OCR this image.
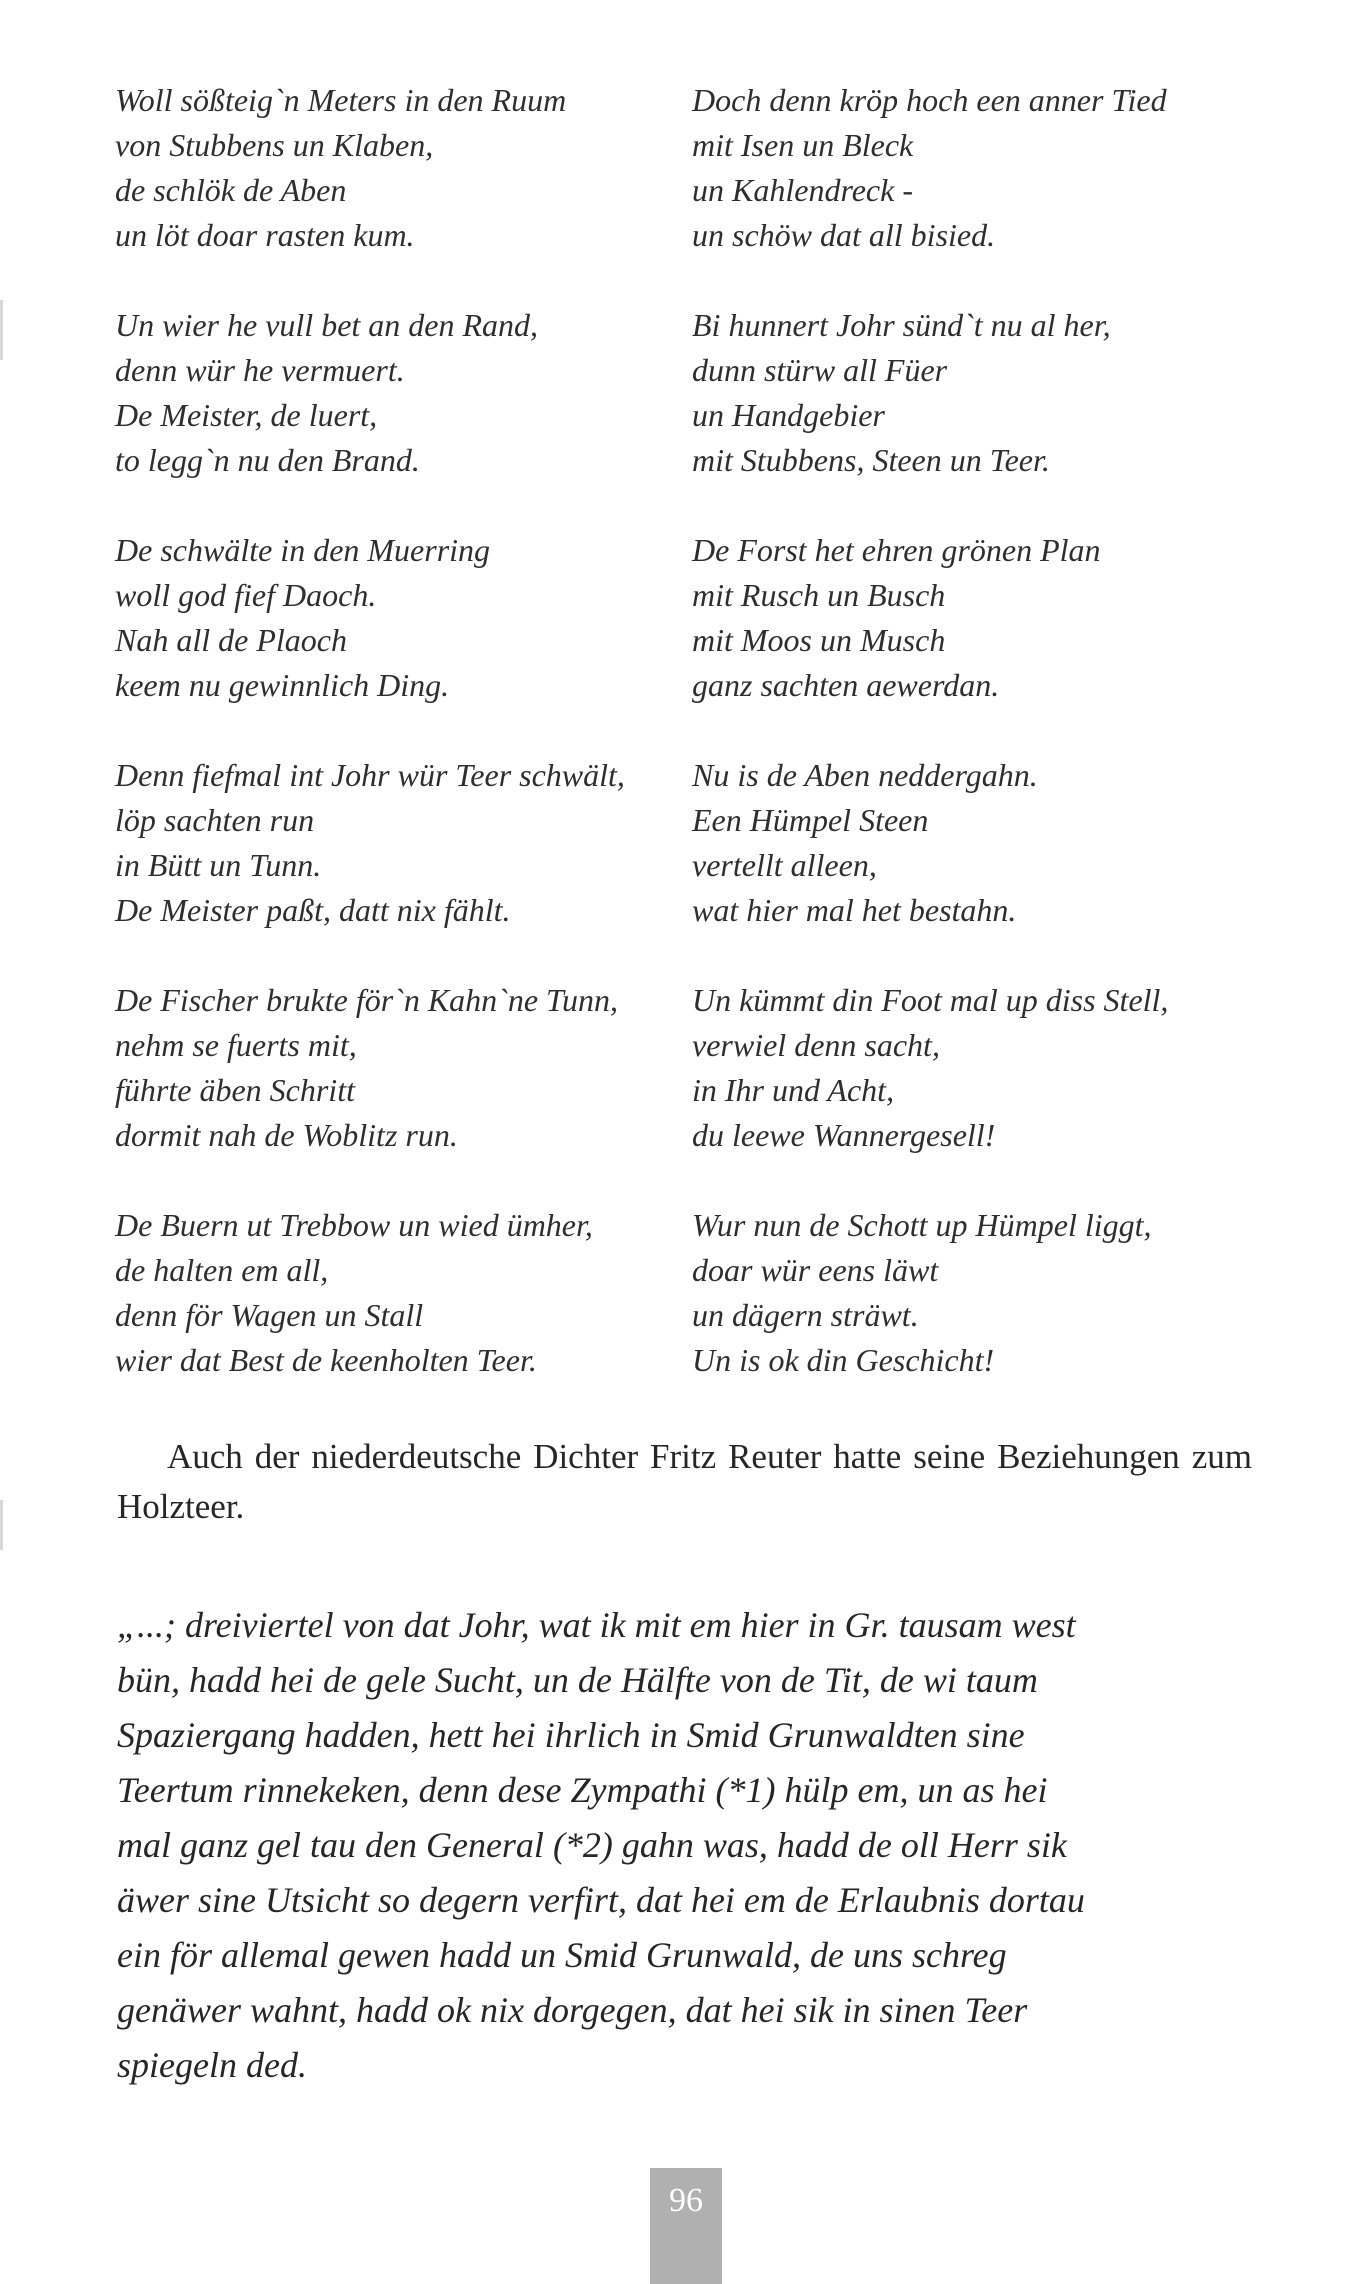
Woll sößteig`n Meters in den Ruum
von Stubbens un Klaben,
de schlök de Aben
un löt doar rasten kum.
Un wier he vull bet an den Rand,
denn wür he vermuert.
De Meister, de luert,
to legg`n nu den Brand.
De schwälte in den Muerring
woll god fief Daoch.
Nah all de Plaoch
keem nu gewinnlich Ding.
Denn fiefmal int Johr wür Teer schwält,
löp sachten run
in Bütt un Tunn.
De Meister paßt, datt nix fählt.
De Fischer brukte för`n Kahn`ne Tunn,
nehm se fuerts mit,
führte äben Schritt
dormit nah de Woblitz run.
De Buern ut Trebbow un wied ümher,
de halten em all,
denn för Wagen un Stall
wier dat Best de keenholten Teer.
Doch denn kröp hoch een anner Tied
mit Isen un Bleck
un Kahlendreck -
un schöw dat all bisied.
Bi hunnert Johr sünd`t nu al her,
dunn stürw all Füer
un Handgebier
mit Stubbens, Steen un Teer.
De Forst het ehren grönen Plan
mit Rusch un Busch
mit Moos un Musch
ganz sachten aewerdan.
Nu is de Aben neddergahn.
Een Hümpel Steen
vertellt alleen,
wat hier mal het bestahn.
Un kümmt din Foot mal up diss Stell,
verwiel denn sacht,
in Ihr und Acht,
du leewe Wannergesell!
Wur nun de Schott up Hümpel liggt,
doar wür eens läwt
un dägern sträwt.
Un is ok din Geschicht!

Auch der niederdeutsche Dichter Fritz Reuter hatte seine Beziehungen zum Holzteer.

„...; dreiviertel von dat Johr, wat ik mit em hier in Gr. tausam west
bün, hadd hei de gele Sucht, un de Hälfte von de Tit, de wi taum
Spaziergang hadden, hett hei ihrlich in Smid Grunwaldten sine
Teertum rinnekeken, denn dese Zympathi (*1) hülp em, un as hei
mal ganz gel tau den General (*2) gahn was, hadd de oll Herr sik
äwer sine Utsicht so degern verfirt, dat hei em de Erlaubnis dortau
ein för allemal gewen hadd un Smid Grunwald, de uns schreg
genäwer wahnt, hadd ok nix dorgegen, dat hei sik in sinen Teer
spiegeln ded.
96
